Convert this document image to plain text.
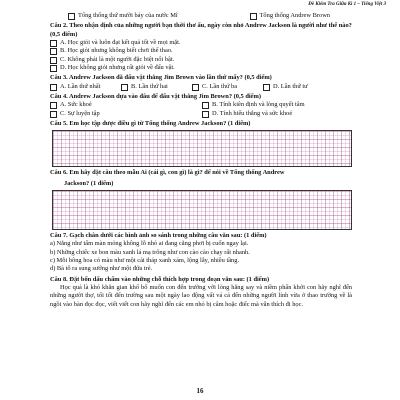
Đề Kiểm Tra Giữa Kì 1 – Tiếng Việt 3
Tổng thống thứ mười bảy của nước Mĩ	Tổng thống Andrew Brown
Câu 2. Theo nhận định của những người bạn thời thơ ấu, ngày còn nhỏ Andrew Jackson là người như thế nào? (0,5 điểm)
A. Học giỏi và luôn đạt kết quả tốt về mọi mặt.
B. Học giỏi nhưng không biết chơi thể thao.
C. Không phải là một người đặc biệt nổi bật.
D. Học không giỏi nhưng rất giỏi về đấu vật.
Câu 3. Andrew Jackson đã đấu vật thắng Jim Brown vào lần thứ mấy? (0,5 điểm)
A. Lần thứ nhất	B. Lần thứ hai	C. Lần thứ ba	D. Lần thứ tư
Câu 4. Andrew Jackson dựa vào đâu để đấu vật thắng Jim Brown? (0,5 điểm)
A. Sức khoẻ	B. Tính kiên định và lòng quyết tâm
C. Sự luyện tập	D. Tính hiếu thắng và sức khoẻ
Câu 5. Em học tập được điều gì từ Tổng thống Andrew Jackson? (1 điểm)
Câu 6. Em hãy đặt câu theo mẫu Ai (cái gì, con gì) là gì? để nói về Tổng thống Andrew
Jackson? (1 điểm)
Câu 7. Gạch chân dưới các hình ảnh so sánh trong những câu văn sau: (1 điểm)
a) Nắng như tấm màn mỏng không lỗ nhỏ ai đang căng phơi bị cuốn ngay lại.
b) Những chiếc xe bon màu xanh lá mạ trông như con cào cào chạy rất nhanh.
c) Mỗi bông hoa có màu như một cái tháp xanh xám, lộng lẫy, nhiều tầng.
d) Bà tô ra sung sướng như một đứa trẻ.
Câu 8. Đặt bốn dấu chấm vào những chỗ thích hợp trong đoạn văn sau: (1 điểm)
Học quả là khó khăn gian khổ bố muốn con đến trường với lòng hăng say và niềm phấn khởi con hãy nghĩ đến những người thợ, tối tối đến trường sau một ngày lao động vất vả cả đến những người lính vừa ở thao trường về là ngồi vào bàn đọc đọc, viết viết con hãy nghĩ đến các em nhỏ bị câm hoặc điếc mà vẫn thích đi học.
16
